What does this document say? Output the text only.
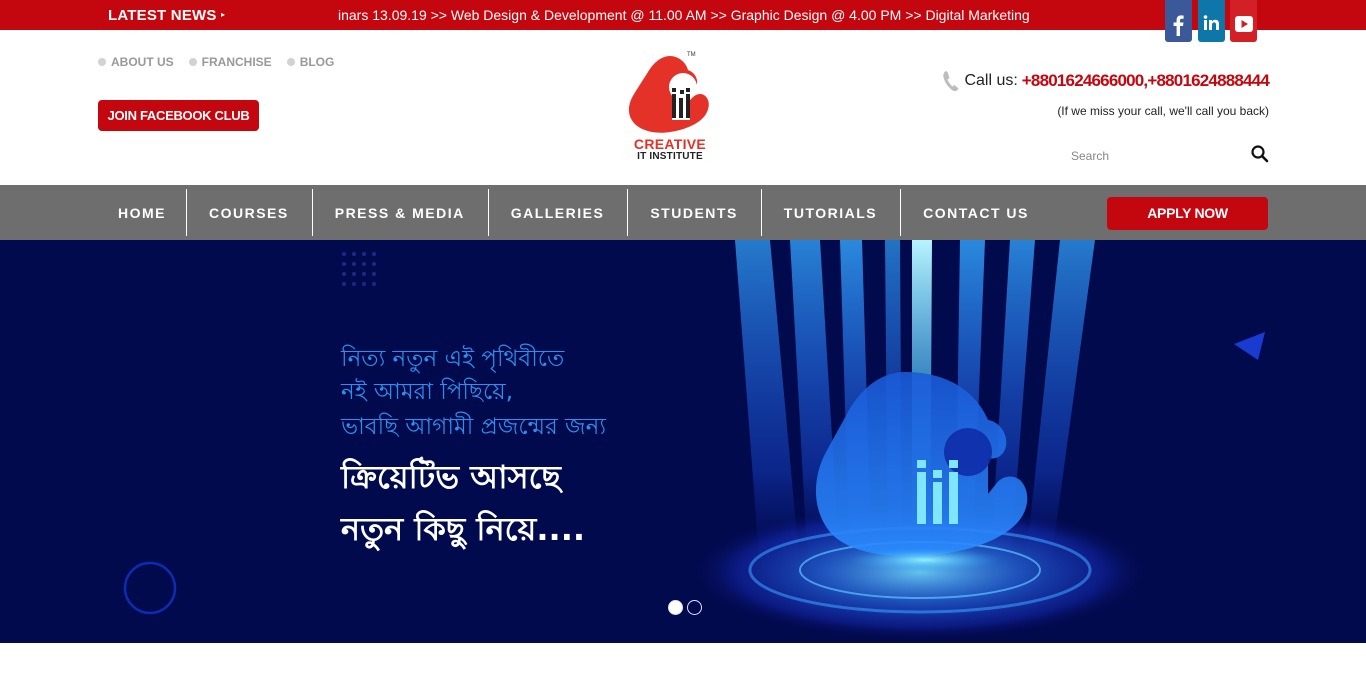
LATEST NEWS ▸	inars 13.09.19 >> Web Design & Development @ 11.00 AM >> Graphic Design @ 4.00 PM >> Digital Marketing
ABOUT US FRANCHISE BLOG
JOIN FACEBOOK CLUB
TM
CREATIVE
IT INSTITUTE
Call us: +8801624666000,+8801624888444
(If we miss your call, we'll call you back)
Search
HOME	COURSES	PRESS & MEDIA	GALLERIES	STUDENTS	TUTORIALS	CONTACT US	APPLY NOW
নিত্য নতুন এই পৃথিবীতে
নই আমরা পিছিয়ে,
ভাবছি আগামী প্রজন্মের জন্য
ক্রিয়েটিভ আসছে
নতুন কিছু নিয়ে....
